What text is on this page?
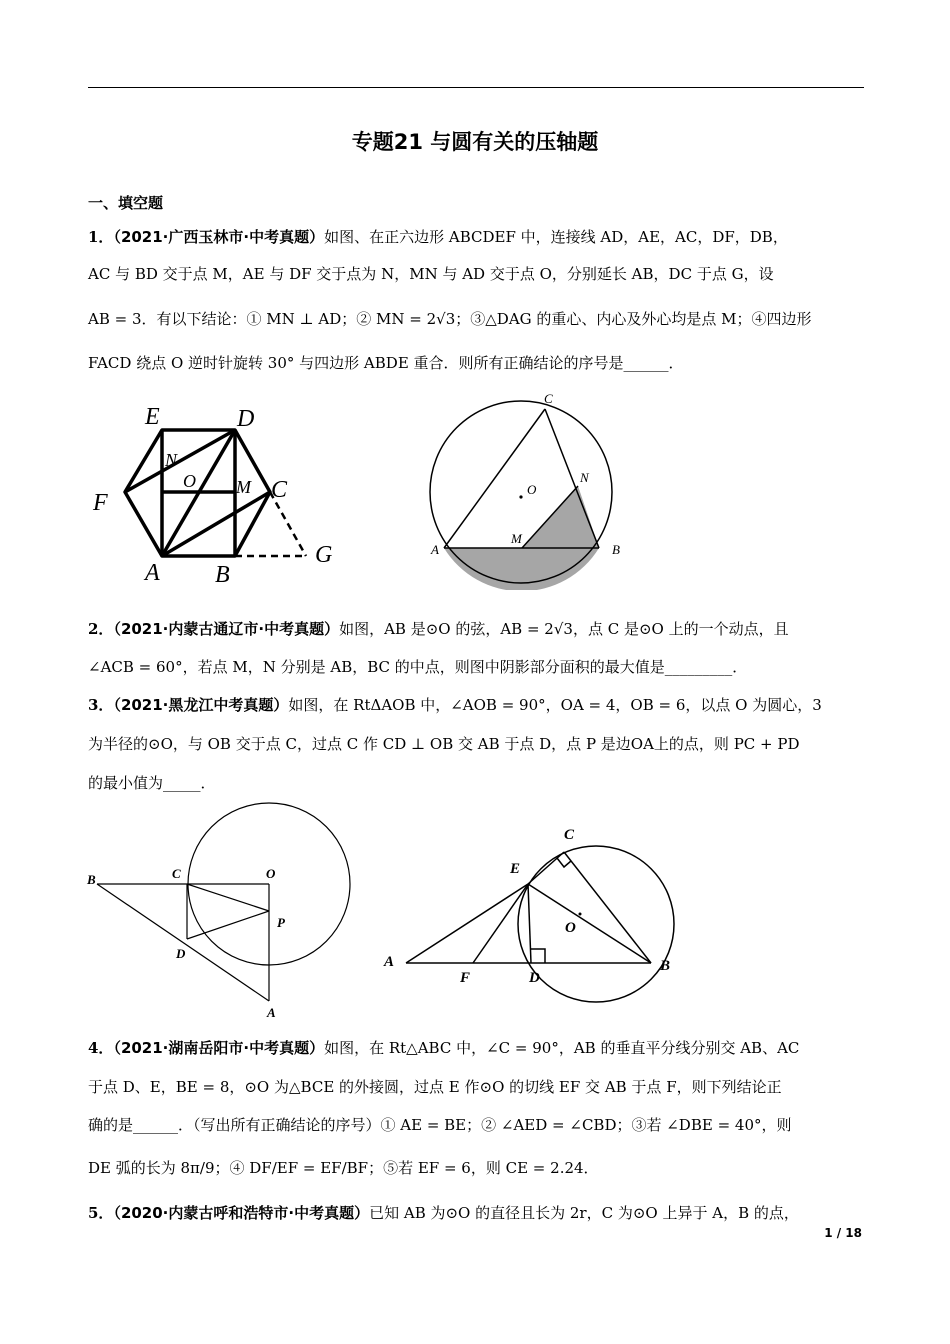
专题21 与圆有关的压轴题
一、填空题
1．（2021·广西玉林市·中考真题）如图、在正六边形 ABCDEF 中，连接线 AD，AE，AC，DF，DB，
AC 与 BD 交于点 M，AE 与 DF 交于点为 N，MN 与 AD 交于点 O，分别延长 AB，DC 于点 G，设
AB = 3．有以下结论：① MN ⊥ AD；② MN = 2√3；③△DAG 的重心、内心及外心均是点 M；④四边形
FACD 绕点 O 逆时针旋转 30° 与四边形 ABDE 重合．则所有正确结论的序号是______．
E	D
N
O M C
F
G
A B
C
O
N
M
A	B
2．（2021·内蒙古通辽市·中考真题）如图，AB 是⊙O 的弦，AB = 2√3，点 C 是⊙O 上的一个动点，且
∠ACB = 60°，若点 M，N 分别是 AB，BC 的中点，则图中阴影部分面积的最大值是_________．
3．（2021·黑龙江中考真题）如图，在 RtΔAOB 中，∠AOB = 90°，OA = 4，OB = 6，以点 O 为圆心，3
为半径的⊙O，与 OB 交于点 C，过点 C 作 CD ⊥ OB 交 AB 于点 D，点 P 是边OA上的点，则 PC + PD
的最小值为_____．
B	C	O
P
D
A
C
E
O
A
F	D
B
4．（2021·湖南岳阳市·中考真题）如图，在 Rt△ABC 中，∠C = 90°，AB 的垂直平分线分别交 AB、AC
于点 D、E，BE = 8，⊙O 为△BCE 的外接圆，过点 E 作⊙O 的切线 EF 交 AB 于点 F，则下列结论正
确的是______．（写出所有正确结论的序号）① AE = BE；② ∠AED = ∠CBD；③若 ∠DBE = 40°，则
DE 弧的长为 8π/9；④ DF/EF = EF/BF；⑤若 EF = 6，则 CE = 2.24．
5．（2020·内蒙古呼和浩特市·中考真题）已知 AB 为⊙O 的直径且长为 2r，C 为⊙O 上异于 A，B 的点，
1 / 18
